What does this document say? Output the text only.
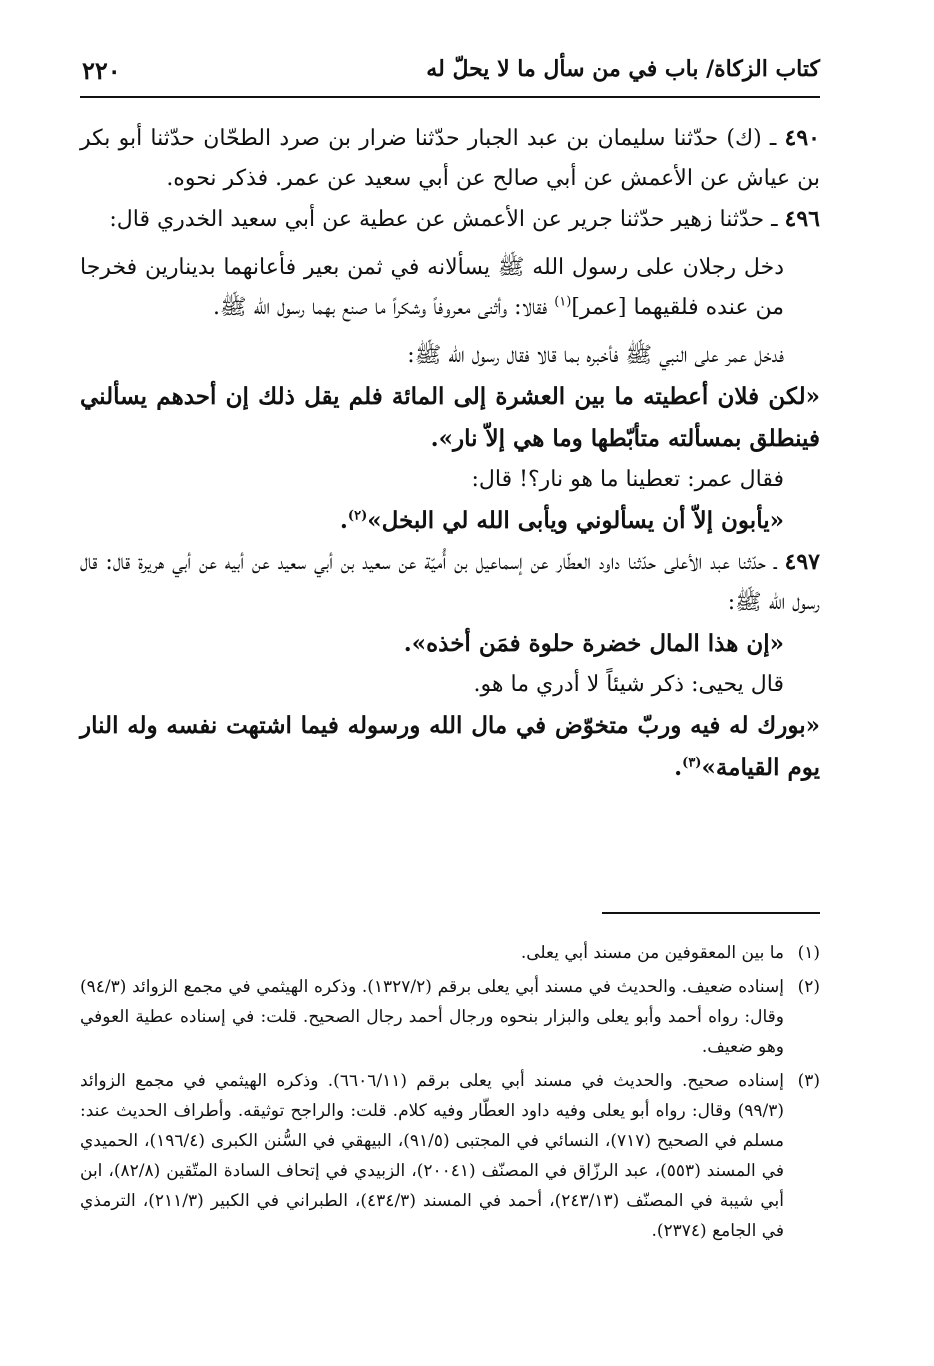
كتاب الزكاة/ باب في من سأل ما لا يحلّ له
٢٢٠

٤٩٠ ـ (ك) حدّثنا سليمان بن عبد الجبار حدّثنا ضرار بن صرد الطحّان حدّثنا أبو بكر بن عياش عن الأعمش عن أبي صالح عن أبي سعيد عن عمر. فذكر نحوه.

٤٩٦ ـ حدّثنا زهير حدّثنا جرير عن الأعمش عن عطية عن أبي سعيد الخدري قال:

دخل رجلان على رسول الله ﷺ يسألانه في ثمن بعير فأعانهما بدينارين فخرجا من عنده فلقيهما [عمر]$^{(١)}$ فقالا: وأثنى معروفاً وشكراً ما صنع بهما رسول الله ﷺ.

فدخل عمر على النبي ﷺ فأخبره بما قالا فقال رسول الله ﷺ:

«لكن فلان أعطيته ما بين العشرة إلى المائة فلم يقل ذلك إن أحدهم يسألني فينطلق بمسألته متأبّطها وما هي إلاّ نار».

فقال عمر: تعطينا ما هو نار؟! قال:

«يأبون إلاّ أن يسألوني ويأبى الله لي البخل»$^{(٢)}$.

٤٩٧ ـ حدّثنا عبد الأعلى حدّثنا داود العطّار عن إسماعيل بن أُميّة عن سعيد بن أبي سعيد عن أبيه عن أبي هريرة قال: قال رسول الله ﷺ:

«إن هذا المال خضرة حلوة فمَن أخذه».

قال يحيى: ذكر شيئاً لا أدري ما هو.

«بورك له فيه وربّ متخوّض في مال الله ورسوله فيما اشتهت نفسه وله النار يوم القيامة»$^{(٣)}$.

(١)
ما بين المعقوفين من مسند أبي يعلى.

(٢)
إسناده ضعيف. والحديث في مسند أبي يعلى برقم (١٣٢٧/٢). وذكره الهيثمي في مجمع الزوائد (٩٤/٣) وقال: رواه أحمد وأبو يعلى والبزار بنحوه ورجال أحمد رجال الصحيح. قلت: في إسناده عطية العوفي وهو ضعيف.

(٣)
إسناده صحيح. والحديث في مسند أبي يعلى برقم (٦٦٠٦/١١). وذكره الهيثمي في مجمع الزوائد (٩٩/٣) وقال: رواه أبو يعلى وفيه داود العطّار وفيه كلام. قلت: والراجح توثيقه. وأطراف الحديث عند: مسلم في الصحيح (٧١٧)، النسائي في المجتبى (٩١/٥)، البيهقي في السُّنن الكبرى (١٩٦/٤)، الحميدي في المسند (٥٥٣)، عبد الرزّاق في المصنّف (٢٠٠٤١)، الزبيدي في إتحاف السادة المتّقين (٨٢/٨)، ابن أبي شيبة في المصنّف (٢٤٣/١٣)، أحمد في المسند (٤٣٤/٣)، الطبراني في الكبير (٢١١/٣)، الترمذي في الجامع (٢٣٧٤).
